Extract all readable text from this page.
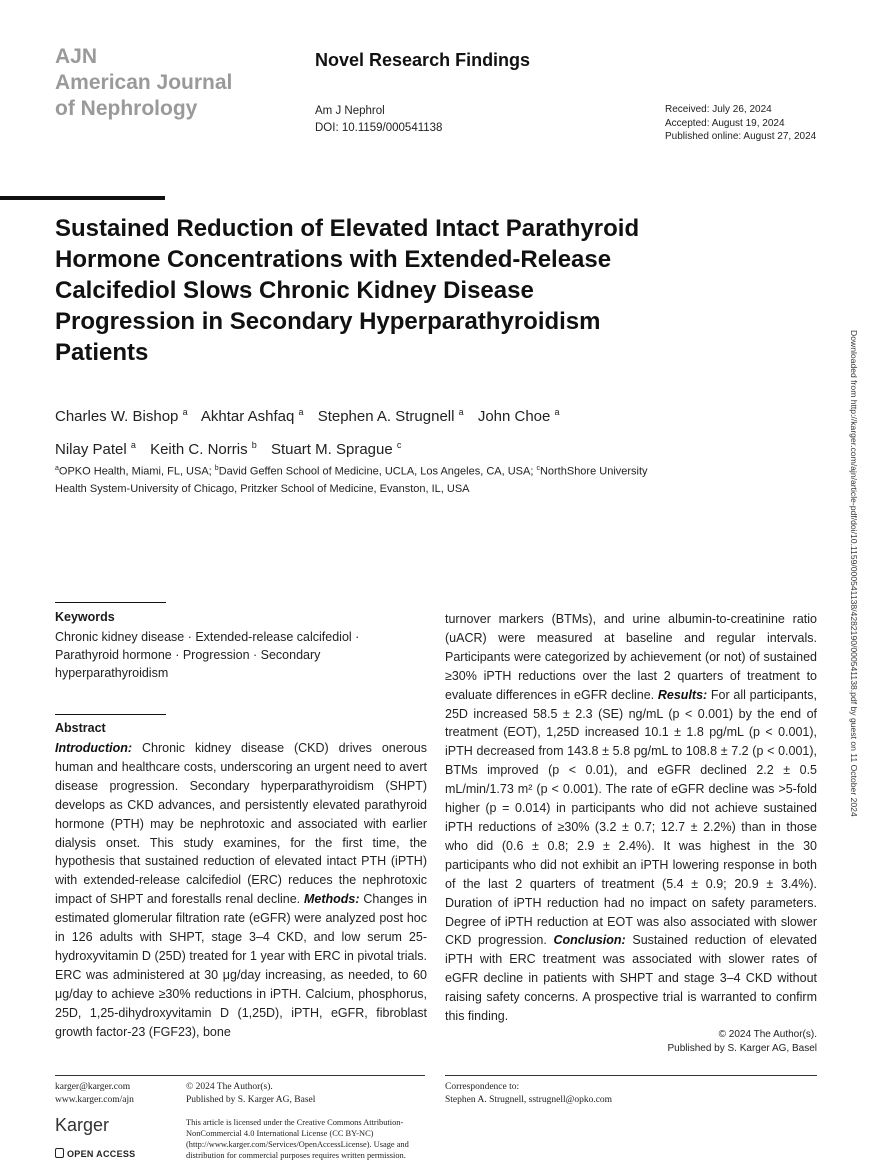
AJN
American Journal
of Nephrology
Novel Research Findings
Am J Nephrol
DOI: 10.1159/000541138
Received: July 26, 2024
Accepted: August 19, 2024
Published online: August 27, 2024
Sustained Reduction of Elevated Intact Parathyroid Hormone Concentrations with Extended-Release Calcifediol Slows Chronic Kidney Disease Progression in Secondary Hyperparathyroidism Patients
Charles W. Bishop $^a$ Akhtar Ashfaq $^a$ Stephen A. Strugnell $^a$ John Choe $^a$
Nilay Patel $^a$ Keith C. Norris $^b$ Stuart M. Sprague $^c$
$^a$OPKO Health, Miami, FL, USA; $^b$David Geffen School of Medicine, UCLA, Los Angeles, CA, USA; $^c$NorthShore University Health System-University of Chicago, Pritzker School of Medicine, Evanston, IL, USA	Downloaded from http://karger.com/ajn/article-pdf/doi/10.1159/000541138/4282190/000541138.pdf by guest on 11 October 2024
Keywords
Chronic kidney disease · Extended-release calcifediol · Parathyroid hormone · Progression · Secondary hyperparathyroidism
Abstract
Introduction: Chronic kidney disease (CKD) drives onerous human and healthcare costs, underscoring an urgent need to avert disease progression. Secondary hyperparathyroidism (SHPT) develops as CKD advances, and persistently elevated parathyroid hormone (PTH) may be nephrotoxic and associated with earlier dialysis onset. This study examines, for the first time, the hypothesis that sustained reduction of elevated intact PTH (iPTH) with extended-release calcifediol (ERC) reduces the nephrotoxic impact of SHPT and forestalls renal decline. Methods: Changes in estimated glomerular filtration rate (eGFR) were analyzed post hoc in 126 adults with SHPT, stage 3–4 CKD, and low serum 25-hydroxyvitamin D (25D) treated for 1 year with ERC in pivotal trials. ERC was administered at 30 μg/day increasing, as needed, to 60 μg/day to achieve ≥30% reductions in iPTH. Calcium, phosphorus, 25D, 1,25-dihydroxyvitamin D (1,25D), iPTH, eGFR, fibroblast growth factor-23 (FGF23), bone
turnover markers (BTMs), and urine albumin-to-creatinine ratio (uACR) were measured at baseline and regular intervals. Participants were categorized by achievement (or not) of sustained ≥30% iPTH reductions over the last 2 quarters of treatment to evaluate differences in eGFR decline. Results: For all participants, 25D increased 58.5 ± 2.3 (SE) ng/mL (p < 0.001) by the end of treatment (EOT), 1,25D increased 10.1 ± 1.8 pg/mL (p < 0.001), iPTH decreased from 143.8 ± 5.8 pg/mL to 108.8 ± 7.2 (p < 0.001), BTMs improved (p < 0.01), and eGFR declined 2.2 ± 0.5 mL/min/1.73 m² (p < 0.001). The rate of eGFR decline was >5-fold higher (p = 0.014) in participants who did not achieve sustained iPTH reductions of ≥30% (3.2 ± 0.7; 12.7 ± 2.2%) than in those who did (0.6 ± 0.8; 2.9 ± 2.4%). It was highest in the 30 participants who did not exhibit an iPTH lowering response in both of the last 2 quarters of treatment (5.4 ± 0.9; 20.9 ± 3.4%). Duration of iPTH reduction had no impact on safety parameters. Degree of iPTH reduction at EOT was also associated with slower CKD progression. Conclusion: Sustained reduction of elevated iPTH with ERC treatment was associated with slower rates of eGFR decline in patients with SHPT and stage 3–4 CKD without raising safety concerns. A prospective trial is warranted to confirm this finding.
© 2024 The Author(s).
Published by S. Karger AG, Basel
karger@karger.com
www.karger.com/ajn
Karger
OPEN ACCESS
© 2024 The Author(s).
Published by S. Karger AG, Basel
This article is licensed under the Creative Commons Attribution-NonCommercial 4.0 International License (CC BY-NC) (http://www.karger.com/Services/OpenAccessLicense). Usage and distribution for commercial purposes requires written permission.
Correspondence to:
Stephen A. Strugnell, sstrugnell@opko.com
